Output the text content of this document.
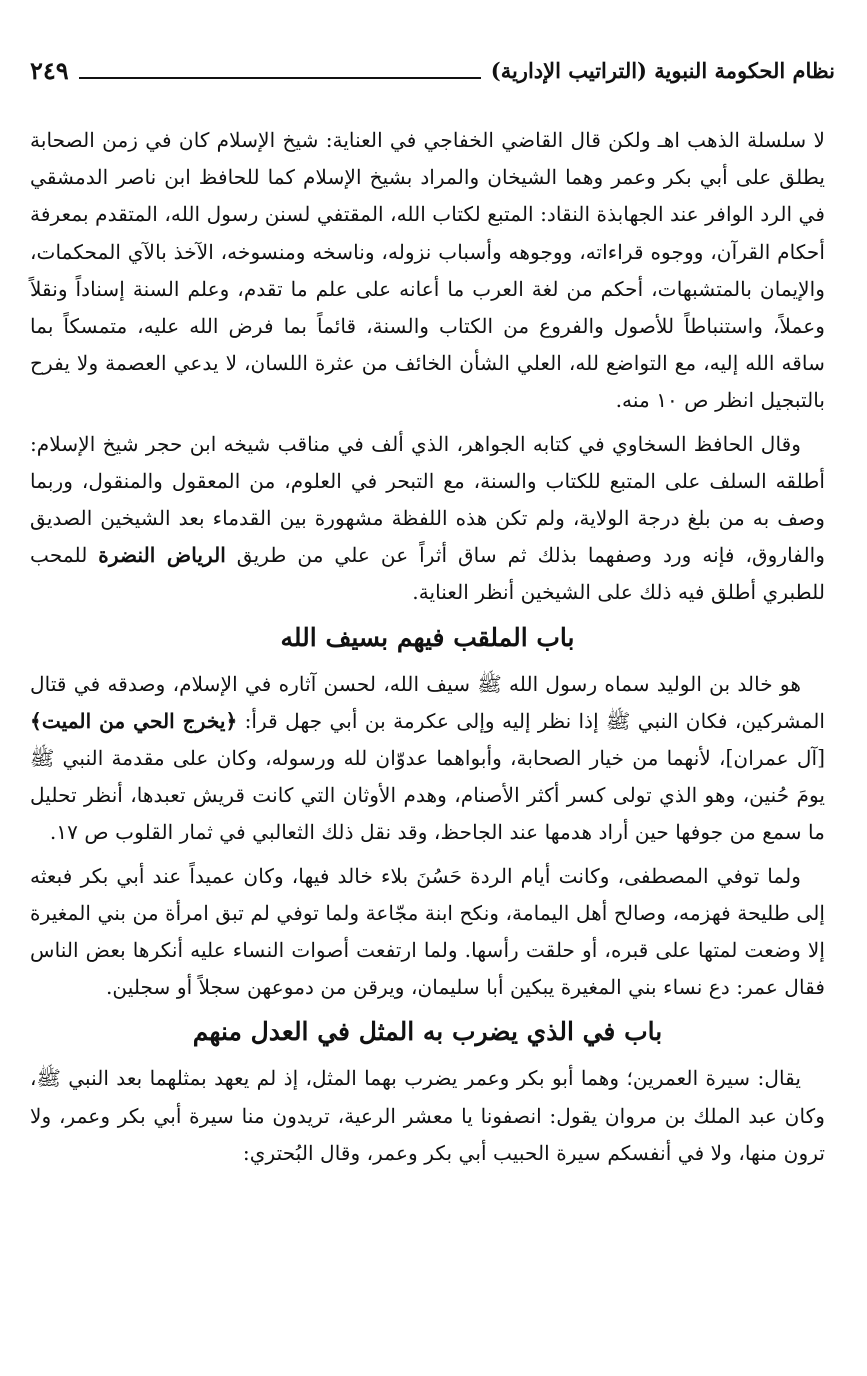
نظام الحكومة النبوية (التراتيب الإدارية)
٢٤٩

لا سلسلة الذهب اهـ ولكن قال القاضي الخفاجي في العناية: شيخ الإسلام كان في زمن الصحابة يطلق على أبي بكر وعمر وهما الشيخان والمراد بشيخ الإسلام كما للحافظ ابن ناصر الدمشقي في الرد الوافر عند الجهابذة النقاد: المتبع لكتاب الله، المقتفي لسنن رسول الله، المتقدم بمعرفة أحكام القرآن، ووجوه قراءاته، ووجوهه وأسباب نزوله، وناسخه ومنسوخه، الآخذ بالآي المحكمات، والإيمان بالمتشبهات، أحكم من لغة العرب ما أعانه على علم ما تقدم، وعلم السنة إسناداً ونقلاً وعملاً، واستنباطاً للأصول والفروع من الكتاب والسنة، قائماً بما فرض الله عليه، متمسكاً بما ساقه الله إليه، مع التواضع لله، العلي الشأن الخائف من عثرة اللسان، لا يدعي العصمة ولا يفرح بالتبجيل انظر ص ١٠ منه.

وقال الحافظ السخاوي في كتابه الجواهر، الذي ألف في مناقب شيخه ابن حجر شيخ الإسلام: أطلقه السلف على المتبع للكتاب والسنة، مع التبحر في العلوم، من المعقول والمنقول، وربما وصف به من بلغ درجة الولاية، ولم تكن هذه اللفظة مشهورة بين القدماء بعد الشيخين الصديق والفاروق، فإنه ورد وصفهما بذلك ثم ساق أثراً عن علي من طريق الرياض النضرة للمحب للطبري أطلق فيه ذلك على الشيخين أنظر العناية.

باب الملقب فيهم بسيف الله

هو خالد بن الوليد سماه رسول الله ﷺ سيف الله، لحسن آثاره في الإسلام، وصدقه في قتال المشركين، فكان النبي ﷺ إذا نظر إليه وإلى عكرمة بن أبي جهل قرأ: ﴿يخرج الحي من الميت﴾ [آل عمران]، لأنهما من خيار الصحابة، وأبواهما عدوّان لله ورسوله، وكان على مقدمة النبي ﷺ يومَ حُنين، وهو الذي تولى كسر أكثر الأصنام، وهدم الأوثان التي كانت قريش تعبدها، أنظر تحليل ما سمع من جوفها حين أراد هدمها عند الجاحظ، وقد نقل ذلك الثعالبي في ثمار القلوب ص ١٧.

ولما توفي المصطفى، وكانت أيام الردة حَسُنَ بلاء خالد فيها، وكان عميداً عند أبي بكر فبعثه إلى طليحة فهزمه، وصالح أهل اليمامة، ونكح ابنة مجّاعة ولما توفي لم تبق امرأة من بني المغيرة إلا وضعت لمتها على قبره، أو حلقت رأسها. ولما ارتفعت أصوات النساء عليه أنكرها بعض الناس فقال عمر: دع نساء بني المغيرة يبكين أبا سليمان، ويرقن من دموعهن سجلاً أو سجلين.

باب في الذي يضرب به المثل في العدل منهم

يقال: سيرة العمرين؛ وهما أبو بكر وعمر يضرب بهما المثل، إذ لم يعهد بمثلهما بعد النبي ﷺ، وكان عبد الملك بن مروان يقول: انصفونا يا معشر الرعية، تريدون منا سيرة أبي بكر وعمر، ولا ترون منها، ولا في أنفسكم سيرة الحبيب أبي بكر وعمر، وقال البُحتري:
